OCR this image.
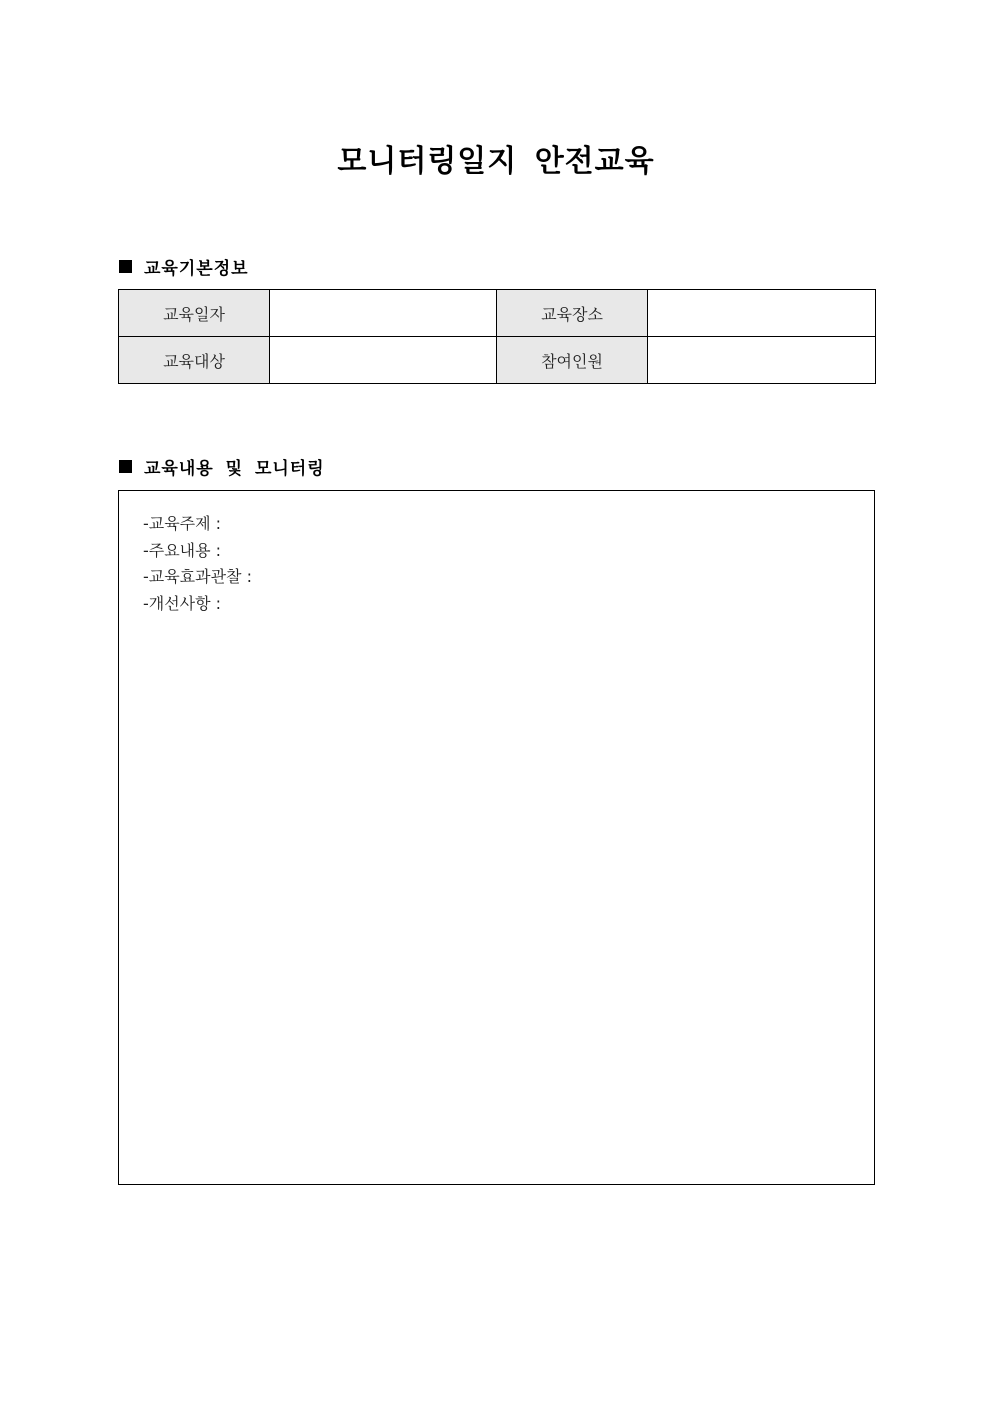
모니터링일지 안전교육
교육기본정보
교육일자		교육장소	
교육대상		참여인원	
교육내용 및 모니터링
-교육주제 :
-주요내용 :
-교육효과관찰 :
-개선사항 :
